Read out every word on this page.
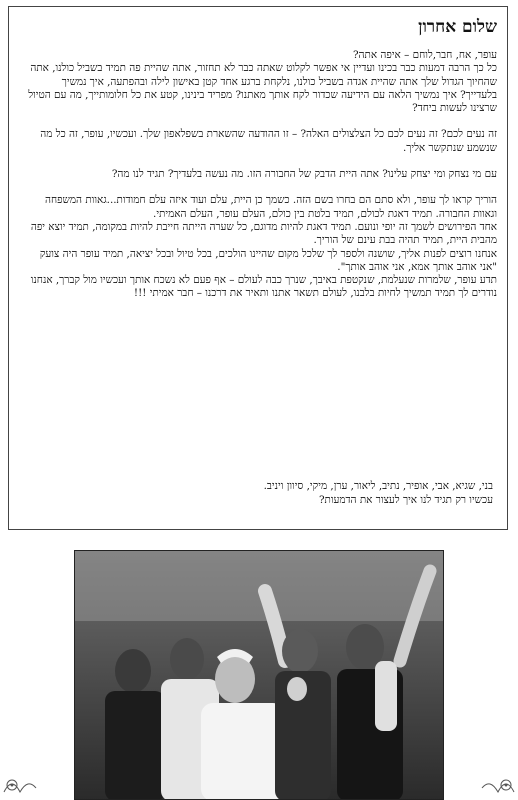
שלום אחרון

עופר, אח, חבר,לוחם – איפה אתה?

כל כך הרבה דמעות כבר בכינו ועדיין אי אפשר לקלוט שאתה כבר לא תחזור, אתה שהיית פה תמיד בשביל כולנו, אתה שהחיוך הגדול שלך אתה שהיית אגדה בשביל כולנו, נלקחת ברגע אחד קטן באישון לילה ובהפתעה, איך נמשיך בלעדייך? איך נמשיך הלאה עם הידיעה שכדור לקח אותך מאתנו? מפריד בינינו, קטע את כל חלומותייך, מה עם הטיול שרצינו לעשות ביחד?

זה נעים לכם? זה נעים לכם כל הצלצולים האלה? – זו ההודעה שהשארת בשפלאפון שלך. ועכשיו, עופר, זה כל מה שנשמע שנתקשר אליך.

עם מי נצחק ומי יצחק עלינו? אתה היית הדבק של החבורה הזו. מה נעשה בלעדיך? תגיד לנו מה?

הוריך קראו לך עופר, ולא סתם הם בחרו בשם הזה. כשמך כן היית, עלם ועוד איזה עלם חמודות...גאוות המשפחה וגאוות החבורה. תמיד דאגת לכולם, תמיד בלטת בין כולם, העלם עופר, העלם האמיתי.

אחד הפירושים לשמך זה יופי ונועם. תמיד דאגת להיות מדוגם, כל שערה הייתה חייבת להיות במקומה, תמיד יוצא יפה מהבית היית, תמיד תהיה בבת עינם של הוריך.

אנחנו רוצים לפנות אליך, שושנה ולספר לך שלכל מקום שהיינו הולכים, בכל טיול ובכל יציאה, תמיד עופר היה צועק "אני אוהב אותך אמא, אני אוהב אותך".

תדע עופר, שלמרות שנעלמת, שנקטפת באיבך, שנרך כבה לעולם – אף פעם לא נשכח אותך ועכשיו מול קברך, אנחנו נודרים לך תמיד תמשיך לחיות בלבנו, לעולם תשאר אתנו ותאיר את דרכנו – חבר אמיתי !!!

בני, שגיא, אבי, אופיר, נתיב, ליאור, ערן, מיקי, סיוון ויניב.

עכשיו רק תגיד לנו איך לעצור את הדמעות?
